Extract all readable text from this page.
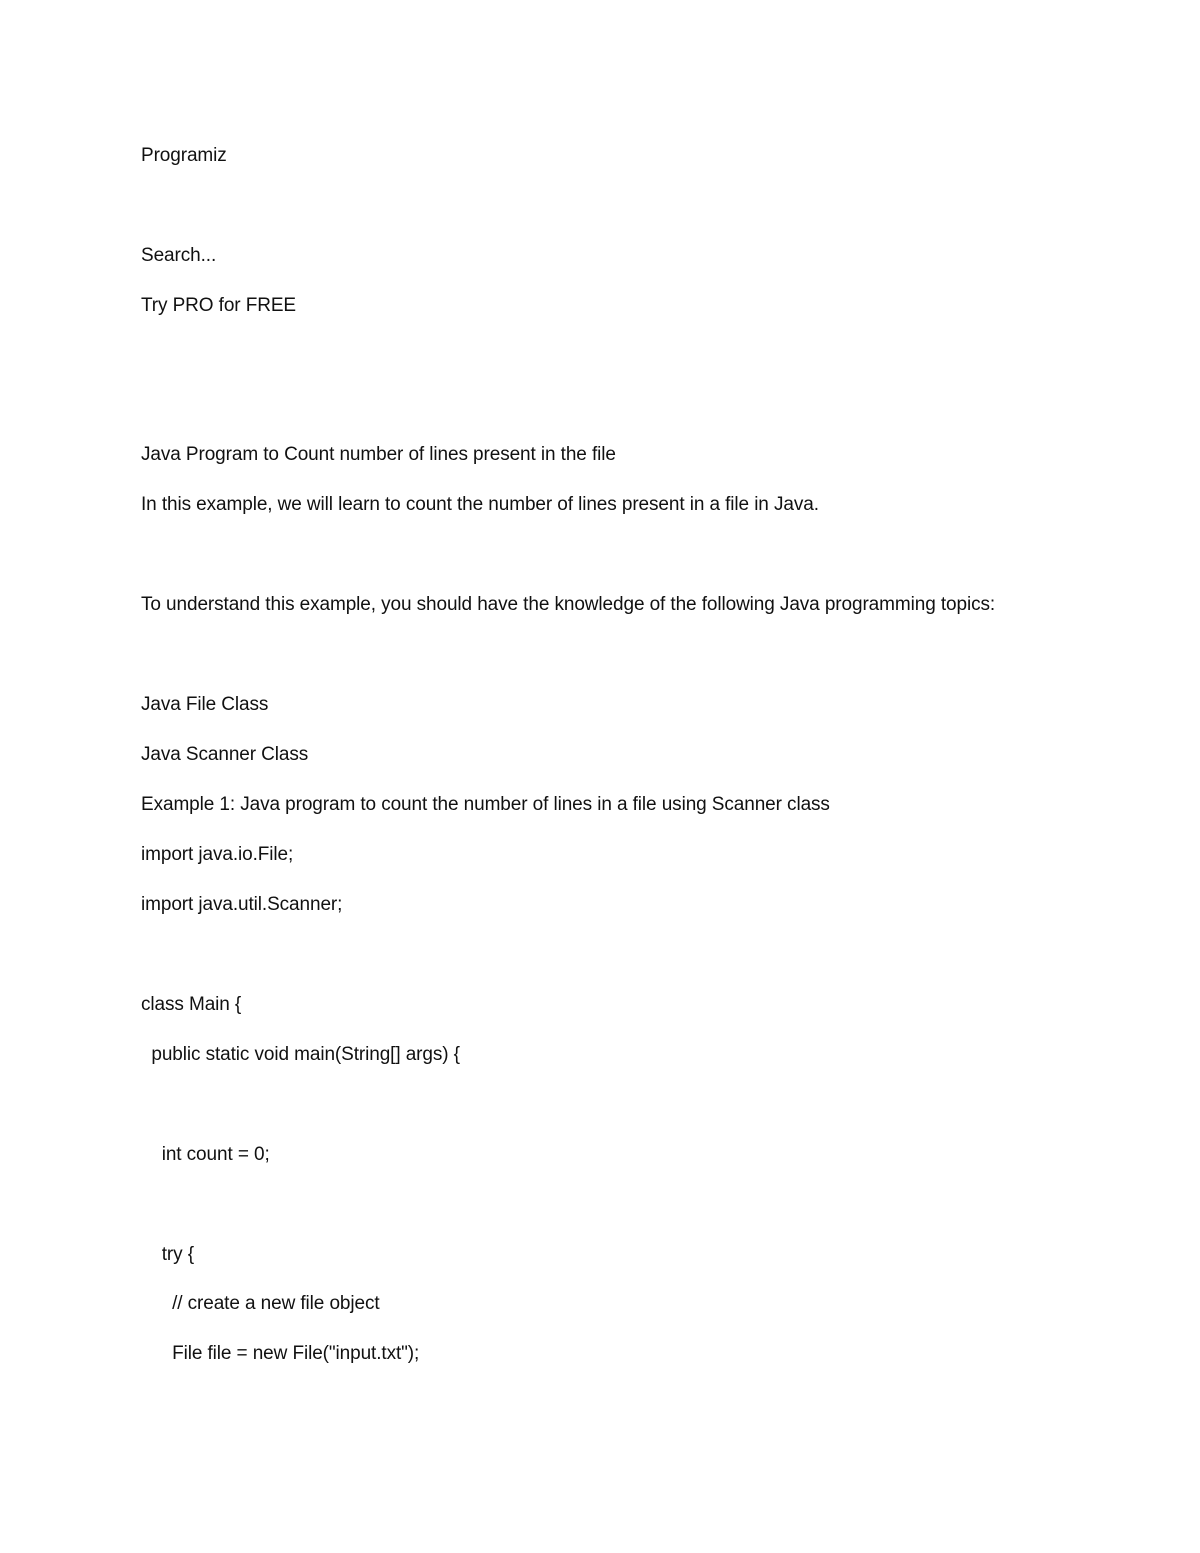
Programiz
Search...
Try PRO for FREE
Java Program to Count number of lines present in the file
In this example, we will learn to count the number of lines present in a file in Java.
To understand this example, you should have the knowledge of the following Java programming topics:
Java File Class
Java Scanner Class
Example 1: Java program to count the number of lines in a file using Scanner class
import java.io.File;
import java.util.Scanner;
class Main {
public static void main(String[] args) {
int count = 0;
try {
// create a new file object
File file = new File("input.txt");
